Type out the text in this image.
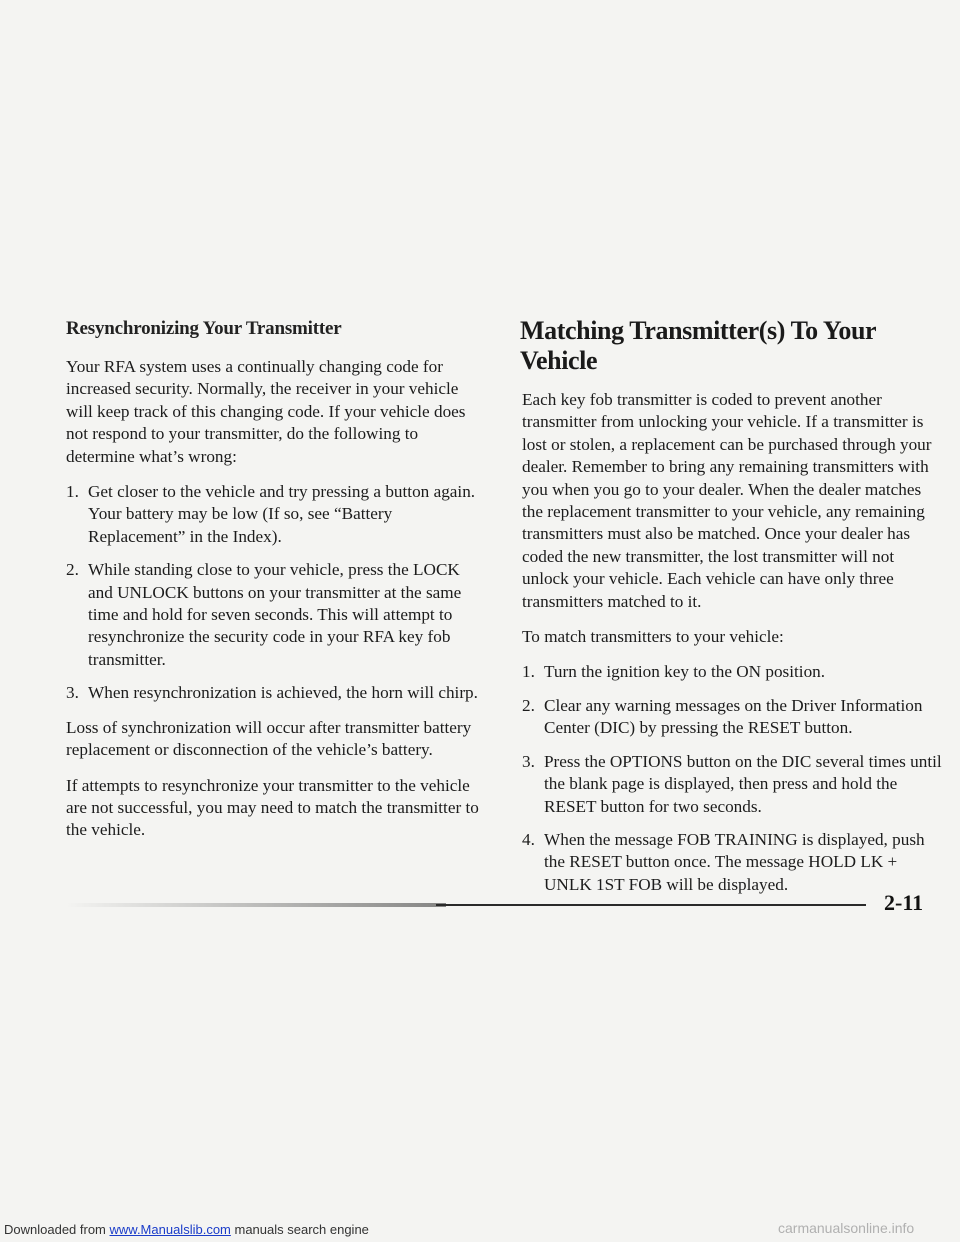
Resynchronizing Your Transmitter

Your RFA system uses a continually changing code for increased security. Normally, the receiver in your vehicle will keep track of this changing code. If your vehicle does not respond to your transmitter, do the following to determine what’s wrong:

1. Get closer to the vehicle and try pressing a button again. Your battery may be low (If so, see “Battery Replacement” in the Index).
2. While standing close to your vehicle, press the LOCK and UNLOCK buttons on your transmitter at the same time and hold for seven seconds. This will attempt to resynchronize the security code in your RFA key fob transmitter.
3. When resynchronization is achieved, the horn will chirp.

Loss of synchronization will occur after transmitter battery replacement or disconnection of the vehicle’s battery.

If attempts to resynchronize your transmitter to the vehicle are not successful, you may need to match the transmitter to the vehicle.

Matching Transmitter(s) To Your Vehicle

Each key fob transmitter is coded to prevent another transmitter from unlocking your vehicle. If a transmitter is lost or stolen, a replacement can be purchased through your dealer. Remember to bring any remaining transmitters with you when you go to your dealer. When the dealer matches the replacement transmitter to your vehicle, any remaining transmitters must also be matched. Once your dealer has coded the new transmitter, the lost transmitter will not unlock your vehicle. Each vehicle can have only three transmitters matched to it.

To match transmitters to your vehicle:

1. Turn the ignition key to the ON position.
2. Clear any warning messages on the Driver Information Center (DIC) by pressing the RESET button.
3. Press the OPTIONS button on the DIC several times until the blank page is displayed, then press and hold the RESET button for two seconds.
4. When the message FOB TRAINING is displayed, push the RESET button once. The message HOLD LK + UNLK 1ST FOB will be displayed.
2-11
Downloaded from www.Manualslib.com manuals search engine	carmanualsonline.info
